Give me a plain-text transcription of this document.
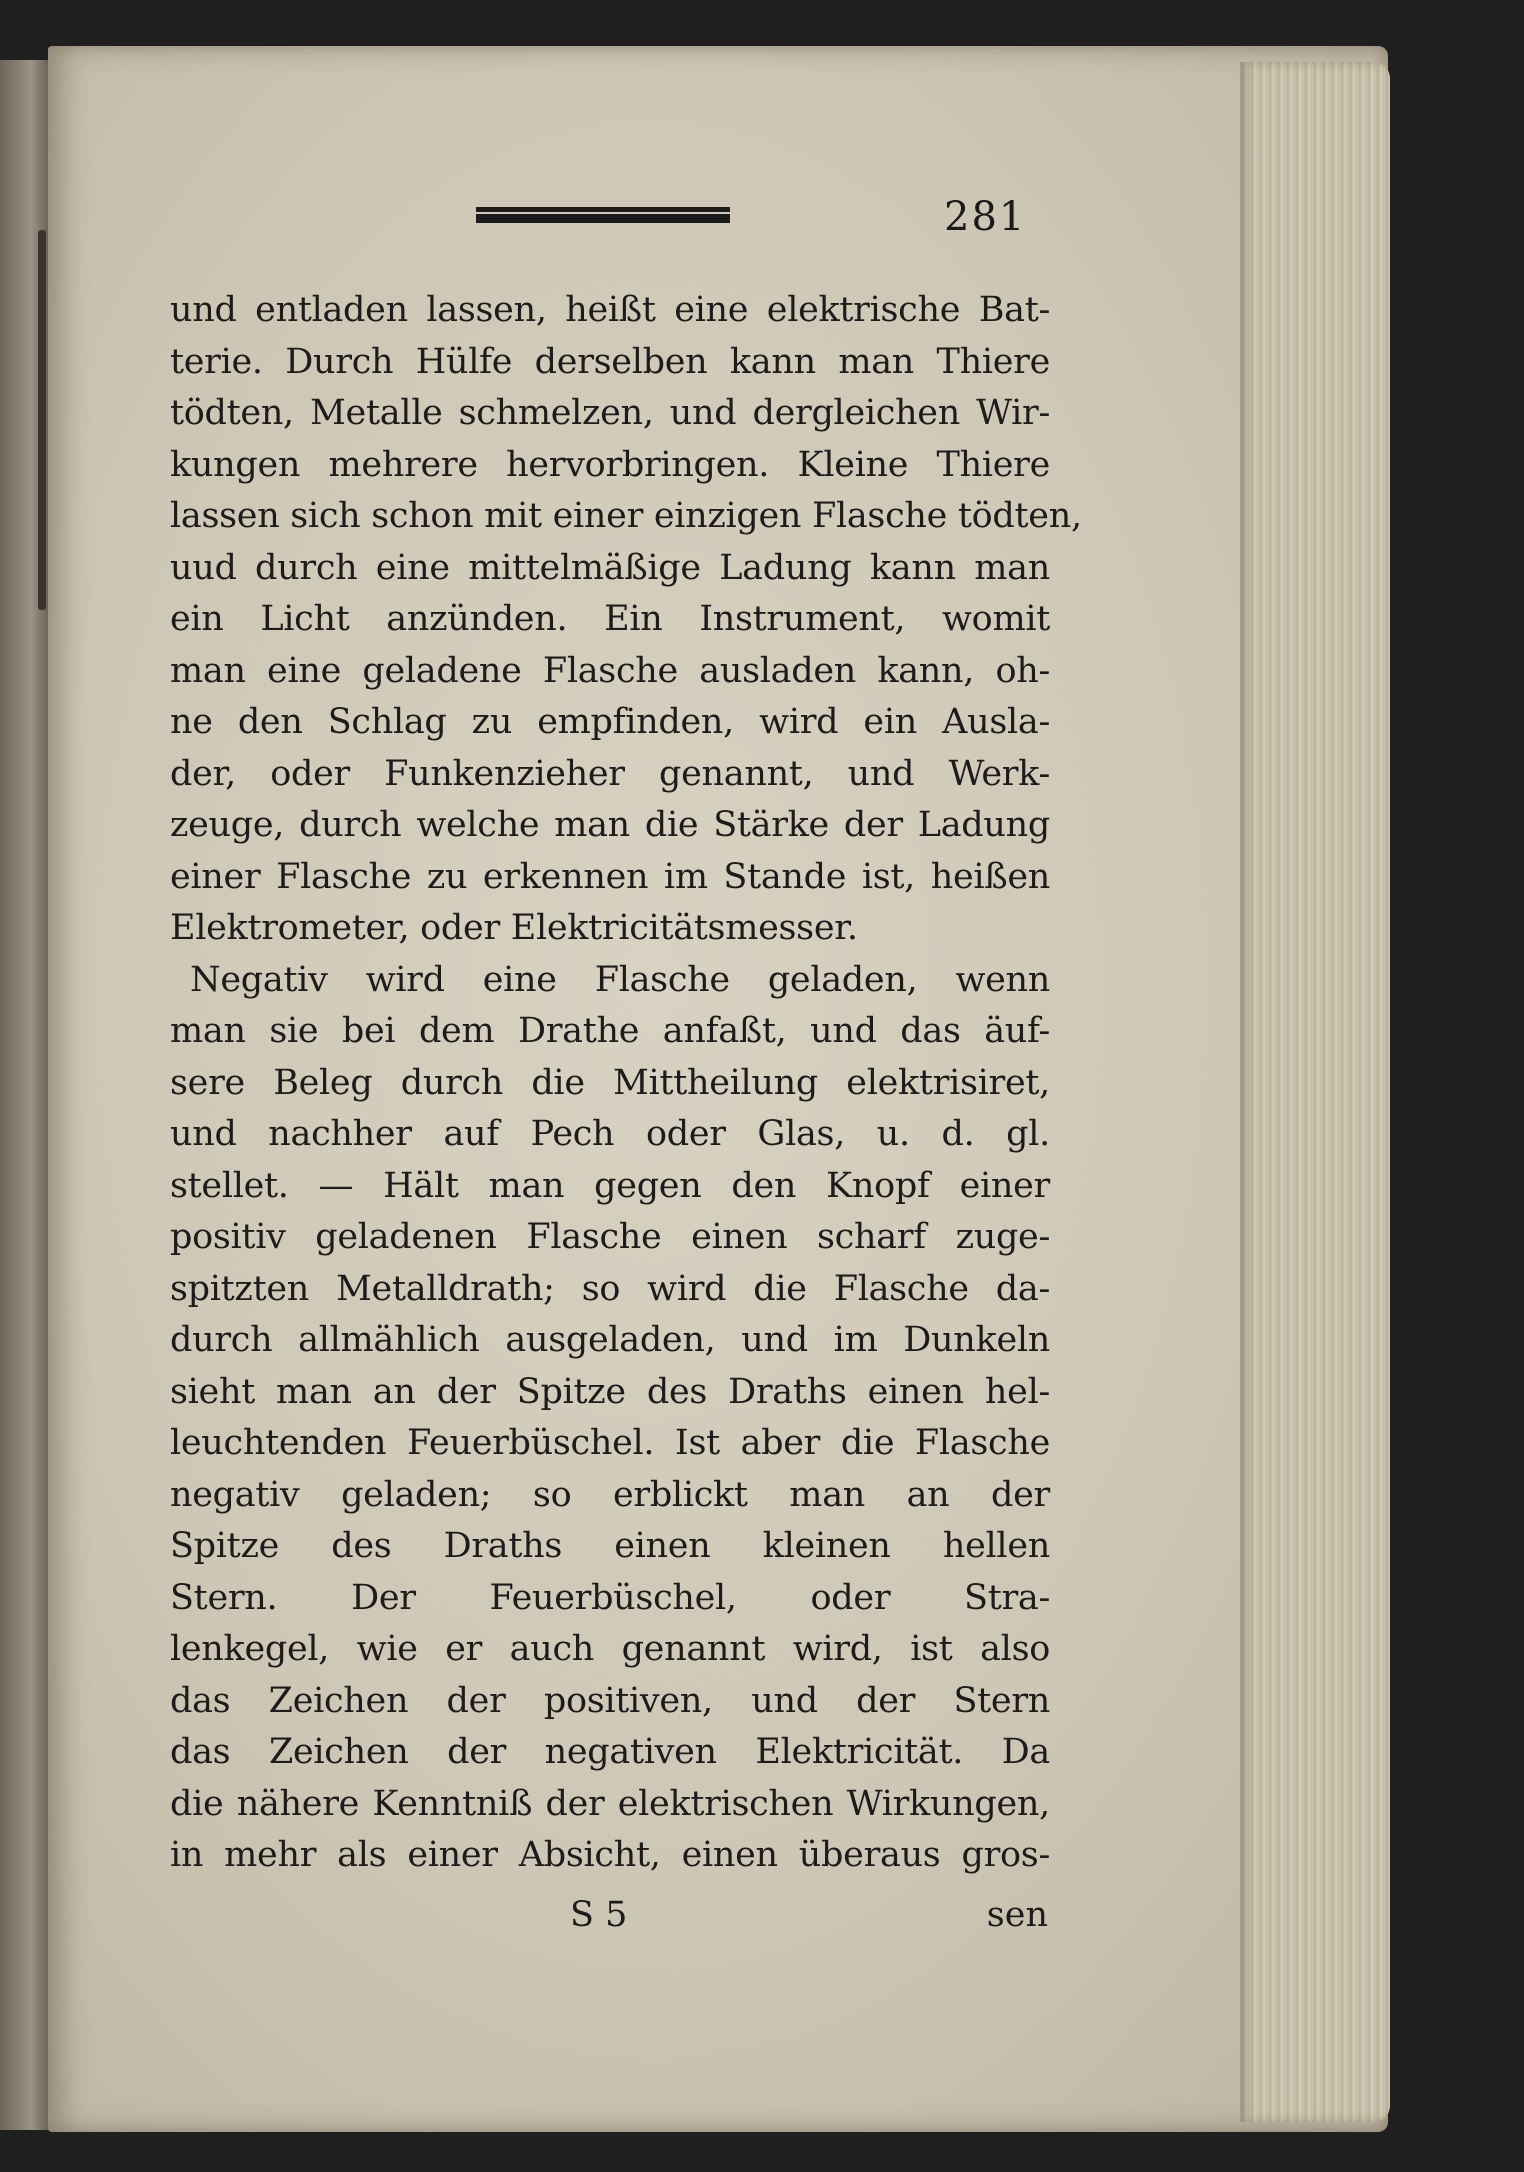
281
und entladen lassen, heißt eine elektrische Bat-
terie. Durch Hülfe derselben kann man Thiere
tödten, Metalle schmelzen, und dergleichen Wir-
kungen mehrere hervorbringen. Kleine Thiere
lassen sich schon mit einer einzigen Flasche tödten,
uud durch eine mittelmäßige Ladung kann man
ein Licht anzünden. Ein Instrument, womit
man eine geladene Flasche ausladen kann, oh-
ne den Schlag zu empfinden, wird ein Ausla-
der, oder Funkenzieher genannt, und Werk-
zeuge, durch welche man die Stärke der Ladung
einer Flasche zu erkennen im Stande ist, heißen
Elektrometer, oder Elektricitätsmesser.
Negativ wird eine Flasche geladen, wenn
man sie bei dem Drathe anfaßt, und das äuf-
sere Beleg durch die Mittheilung elektrisiret,
und nachher auf Pech oder Glas, u. d. gl.
stellet. — Hält man gegen den Knopf einer
positiv geladenen Flasche einen scharf zuge-
spitzten Metalldrath; so wird die Flasche da-
durch allmählich ausgeladen, und im Dunkeln
sieht man an der Spitze des Draths einen hel-
leuchtenden Feuerbüschel. Ist aber die Flasche
negativ geladen; so erblickt man an der
Spitze des Draths einen kleinen hellen
Stern. Der Feuerbüschel, oder Stra-
lenkegel, wie er auch genannt wird, ist also
das Zeichen der positiven, und der Stern
das Zeichen der negativen Elektricität. Da
die nähere Kenntniß der elektrischen Wirkungen,
in mehr als einer Absicht, einen überaus gros-
S 5	sen
